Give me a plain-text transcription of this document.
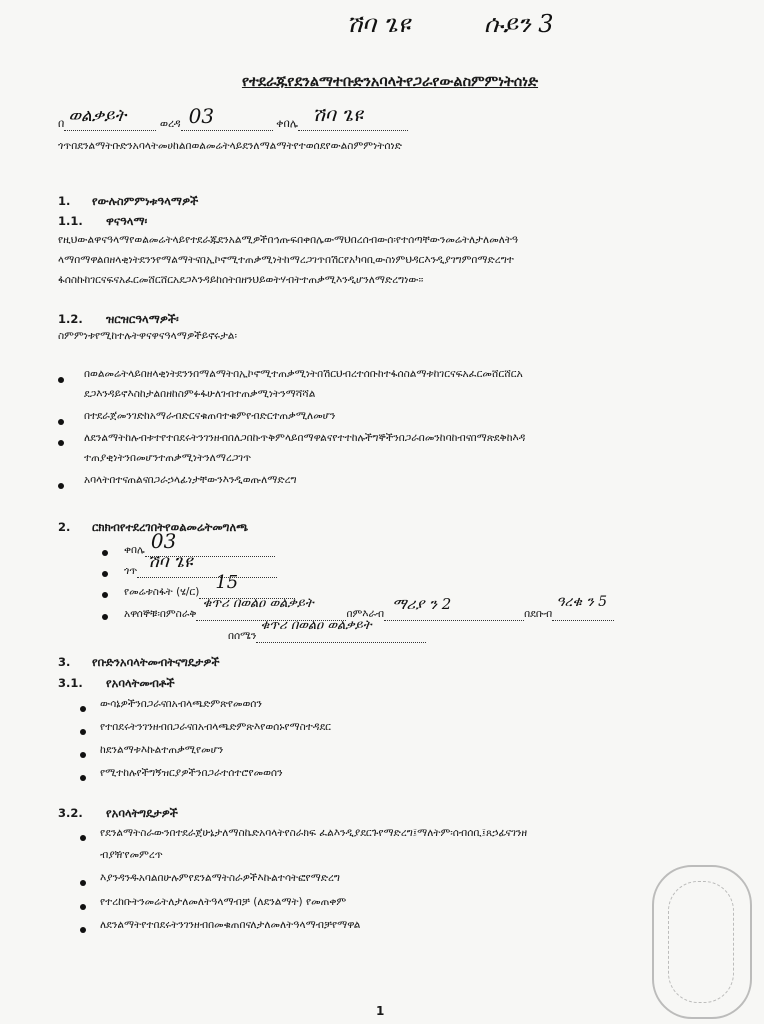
ሽባ ጌዩ	ሱይን 3
የተደራጁየደንልማተቡድንአባላትየጋራየውልስምምነትሰነድ
በ ወልቃይት	ወረዳ 03	ቀበሌ ሽባ ጌዩ
ጎጥበደንልማትቡድንአባላትመሀከልበወልመሬትላይደንለማልማትየተወሰደየውልስምምነትሰነድ
1. የውሉስምምነቱዓላማዎች
1.1. ዋናዓላማ፡
የዚህውልዋናዓላማየወልመሬትላይየተደራጁደንአልሚዎችበኅጡፍበቀበሌውማህበረሰብውሰ፡የተሰጣቸውንመሬትለታለመለትዓ
ላማበማዋልበዘላቂነትደንንየማልማትናበኢኮኖሚተጠቃሚነትከማረጋገጥበሽርየአካባቢውስነምህዳርእንዲያገግምበማድረግተ
ፋሰስኩከገርናፍናአፈርመሸርሸርአደጋእንዳይከሰትበዘንህይወትሃብትተጠቃሚእንዲሆንለማድረግነው፡፡
1.2. ዝርዝርዓላማዎች፡
ስምምነቱየሚከተሉትዋናዋናዓላማዎችይኖሩታል፡
በወልመሬትላይበዘላቂነትደንንበማልማትበኢኮኖሚተጠቃሚነትበሽርህብረተሰቡከተፋሰስልማቱከገርናፍአፈርመሸርሸርአ
ደጋእንዳይኖእስከታልበዘከስምፉፋሁለገብተጠቃሚነትንማሻሻል
በተደራጀመንገድከአማራብድርናቁጠባተቁምየብድርተጠቃሚለመሆን
ለደንልማትከሉብቱተየተበደሩትንገንዘብበለጋበኩጥቅምላይበማዋልናየተተከሉችግኞችንበጋራበመንከባከብናበማጽደቅከእዳ
ተጠያቂነትንበመሆንተጠቃሚነትንለማረጋገጥ
አባላትበተናጠልናበጋራኃላፊነታቸውንእንዲወጡለማድረግ
2. ርክክብየተደረገበትየወልመሬትመግለጫ
ቀበሌ 03
ጎጥ ሽባ ጌዩ
የመሬቱስፋት (ሄ/ር) 15
አዋሰኞቹ፡በምስራቅ
ቁጥሪ በወልዐ ወልቃይት
በምእራብ
ማሪያ ን 2
በደቡብ
ዓረቁ ን 5
በሰሜን
ቁጥሪ በወልዐ ወልቃይት
3. የቡድንአባላትመብትናግዴታዎች
3.1. የአባላትመብቶች
ውሳኔዎችንበጋራናበአብላጫድምጽየመወሰን
የተበደሩትንገንዘብበጋራናበአብላጫድምጽእየወሰኑየማስተዳደር
ከደንልማቱእኩልተጠቃሚየመሆን
የሚተከሉየችግኝዝርያዎችንበጋራተሰተሮየመወሰን
3.2. የአባላትግዴታዎች
የደንልማትስራውንበተደራጀሁኔታለማስኬድአባላትየስራክፍ ፈልእንዲያደርጉየማድረግ፤ማለትም፡ሰብሰቢ፤ጸኃፊናገንዘ
ብያዥየመምረጥ
እያንዳንዱአባልበሁሉምየደንልማትስራዎችእኩልተሳትፎየማድረግ
የተረከቡትንመሬትለታለመለትዓላማብቻ (ለደንልማት) የመጠቀም
ለደንልማትየተበደሩትንገንዘብበመቁጠበናለታለመለትዓላማብቻየማዋል
1
